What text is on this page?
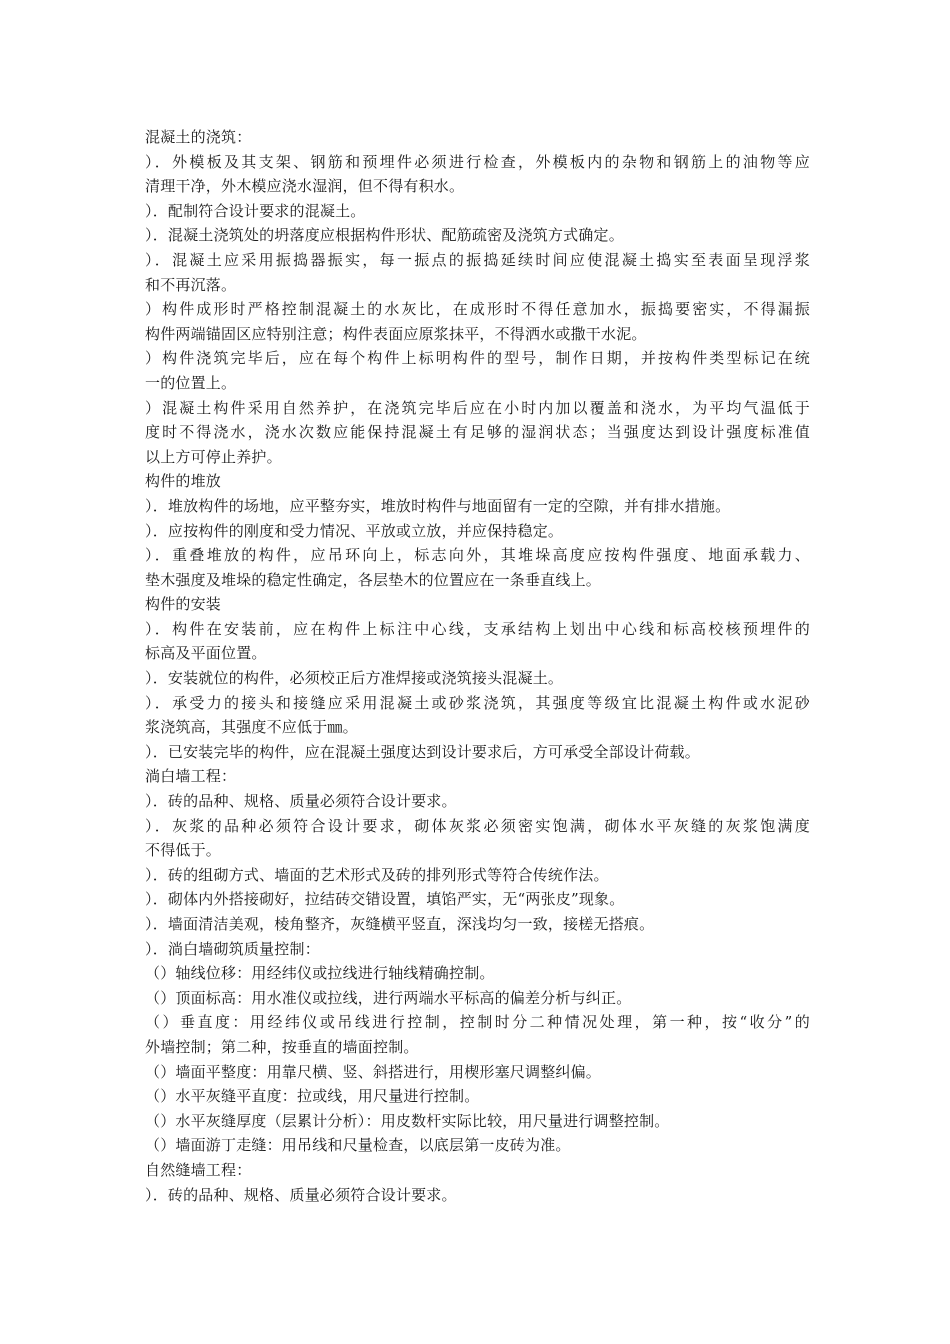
混凝土的浇筑：
）．外模板及其支架、钢筋和预埋件必须进行检查，外模板内的杂物和钢筋上的油物等应
清理干净，外木模应浇水湿润，但不得有积水。
）．配制符合设计要求的混凝土。
）．混凝土浇筑处的坍落度应根据构件形状、配筋疏密及浇筑方式确定。
）．混凝土应采用振捣器振实，每一振点的振捣延续时间应使混凝土捣实至表面呈现浮浆
和不再沉落。
）构件成形时严格控制混凝土的水灰比，在成形时不得任意加水，振捣要密实，不得漏振
构件两端锚固区应特别注意；构件表面应原浆抹平，不得洒水或撒干水泥。
）构件浇筑完毕后，应在每个构件上标明构件的型号，制作日期，并按构件类型标记在统
一的位置上。
）混凝土构件采用自然养护，在浇筑完毕后应在小时内加以覆盖和浇水，为平均气温低于
度时不得浇水，浇水次数应能保持混凝土有足够的湿润状态；当强度达到设计强度标准值
以上方可停止养护。
构件的堆放
）．堆放构件的场地，应平整夯实，堆放时构件与地面留有一定的空隙，并有排水措施。
）．应按构件的刚度和受力情况、平放或立放，并应保持稳定。
）．重叠堆放的构件，应吊环向上，标志向外，其堆垛高度应按构件强度、地面承载力、
垫木强度及堆垛的稳定性确定，各层垫木的位置应在一条垂直线上。
构件的安装
）．构件在安装前，应在构件上标注中心线，支承结构上划出中心线和标高校核预埋件的
标高及平面位置。
）．安装就位的构件，必须校正后方准焊接或浇筑接头混凝土。
）．承受力的接头和接缝应采用混凝土或砂浆浇筑，其强度等级宜比混凝土构件或水泥砂
浆浇筑高，其强度不应低于㎜。
）．已安装完毕的构件，应在混凝土强度达到设计要求后，方可承受全部设计荷载。
淌白墙工程：
）．砖的品种、规格、质量必须符合设计要求。
）．灰浆的品种必须符合设计要求，砌体灰浆必须密实饱满，砌体水平灰缝的灰浆饱满度
不得低于。
）．砖的组砌方式、墙面的艺术形式及砖的排列形式等符合传统作法。
）．砌体内外搭接砌好，拉结砖交错设置，填馅严实，无“两张皮”现象。
）．墙面清洁美观，棱角整齐，灰缝横平竖直，深浅均匀一致，接槎无搭痕。
）．淌白墙砌筑质量控制：
（）轴线位移：用经纬仪或拉线进行轴线精确控制。
（）顶面标高：用水准仪或拉线，进行两端水平标高的偏差分析与纠正。
（）垂直度：用经纬仪或吊线进行控制，控制时分二种情况处理，第一种，按“收分”的
外墙控制；第二种，按垂直的墙面控制。
（）墙面平整度：用靠尺横、竖、斜搭进行，用楔形塞尺调整纠偏。
（）水平灰缝平直度：拉或线，用尺量进行控制。
（）水平灰缝厚度（层累计分析）：用皮数杆实际比较，用尺量进行调整控制。
（）墙面游丁走缝：用吊线和尺量检查，以底层第一皮砖为准。
自然缝墙工程：
）．砖的品种、规格、质量必须符合设计要求。
